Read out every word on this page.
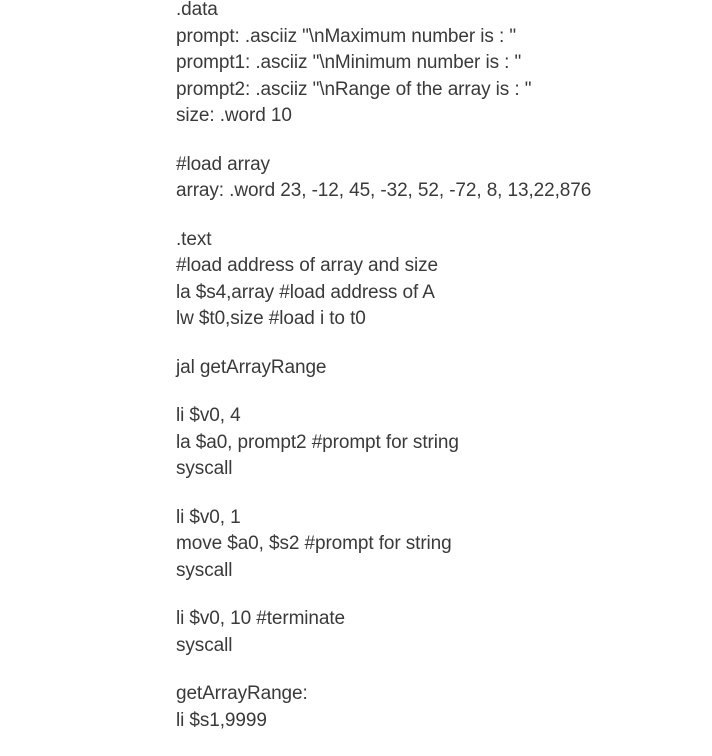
.data
prompt: .asciiz "\nMaximum number is : "
prompt1: .asciiz "\nMinimum number is : "
prompt2: .asciiz "\nRange of the array is : "
size: .word 10
#load array
array: .word 23, -12, 45, -32, 52, -72, 8, 13,22,876
.text
#load address of array and size
la $s4,array #load address of A
lw $t0,size #load i to t0
jal getArrayRange
li $v0, 4
la $a0, prompt2 #prompt for string
syscall
li $v0, 1
move $a0, $s2 #prompt for string
syscall
li $v0, 10 #terminate
syscall
getArrayRange:
li $s1,9999
